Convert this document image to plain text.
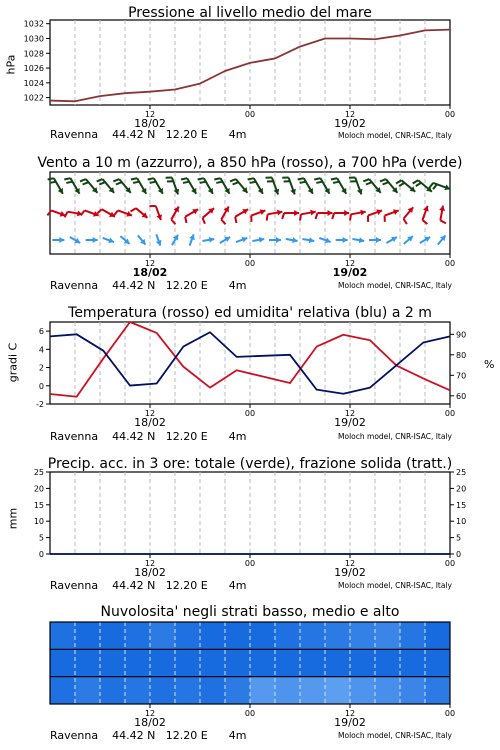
Pressione al livello medio del mare
hPa
12	00	12	00
18/02	19/02
1022
1024
1026
1028
1030
1032
Vento a 10 m (azzurro), a 850 hPa (rosso), a 700 hPa (verde)
12	00	12	00
18/02	19/02
Temperatura (rosso) ed umidita' relativa (blu) a 2 m
gradi C	%
12	00	12	00
18/02	19/02
-2
0
2
4
6
60
70
80
90
Precip. acc. in 3 ore: totale (verde), frazione solida (tratt.)
mm
12	00	12	00
18/02	19/02
0
5
10
15
20
25
0
5
10
15
20
25
Nuvolosita' negli strati basso, medio e alto
12	00	12	00
18/02	19/02
Ravenna    44.42 N   12.20 E      4m	Moloch model, CNR-ISAC, Italy
Ravenna    44.42 N   12.20 E      4m	Moloch model, CNR-ISAC, Italy
Ravenna    44.42 N   12.20 E      4m	Moloch model, CNR-ISAC, Italy
Ravenna    44.42 N   12.20 E      4m	Moloch model, CNR-ISAC, Italy
Ravenna    44.42 N   12.20 E      4m	Moloch model, CNR-ISAC, Italy
